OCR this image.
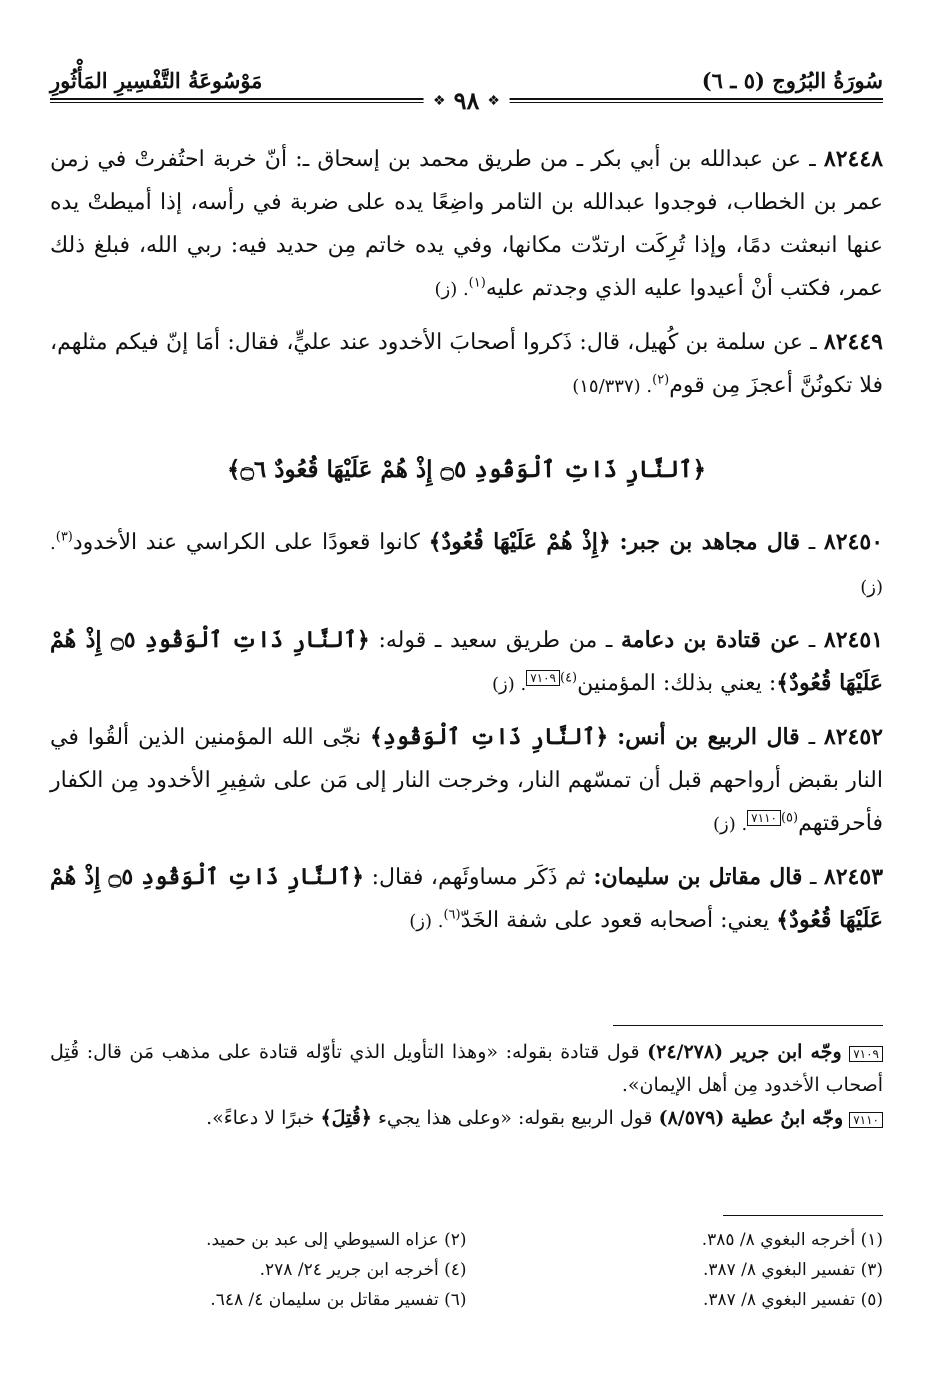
سُورَةُ البُرُوج (٥ ـ ٦)
مَوْسُوعَةُ التَّفْسِيرِ المَأْثُورِ
❖
٩٨
❖

٨٢٤٤٨ ـ عن عبدالله بن أبي بكر ـ من طريق محمد بن إسحاق ـ: أنّ خربة احتُفرتْ في زمن عمر بن الخطاب، فوجدوا عبدالله بن التامر واضِعًا يده على ضربة في رأسه، إذا أميطتْ يده عنها انبعثت دمًا، وإذا تُرِكَت ارتدّت مكانها، وفي يده خاتم مِن حديد فيه: ربي الله، فبلغ ذلك عمر، فكتب أنْ أعيدوا عليه الذي وجدتم عليه$^{(١)}$. (ز)

٨٢٤٤٩ ـ عن سلمة بن كُهيل، قال: ذَكروا أصحابَ الأخدود عند عليٍّ، فقال: أمَا إنّ فيكم مثلهم، فلا تكونُنَّ أعجزَ مِن قوم$^{(٢)}$. (١٥/٣٣٧)

﴿ٱلنَّارِ ذَاتِ ٱلْوَقُودِ ۝٥ إِذْ هُمْ عَلَيْهَا قُعُودٌ ۝٦﴾

٨٢٤٥٠ ـ قال مجاهد بن جبر: ﴿إِذْ هُمْ عَلَيْهَا قُعُودٌ﴾ كانوا قعودًا على الكراسي عند الأخدود$^{(٣)}$. (ز)

٨٢٤٥١ ـ عن قتادة بن دعامة ـ من طريق سعيد ـ قوله: ﴿ٱلنَّارِ ذَاتِ ٱلْوَقُودِ ۝٥ إِذْ هُمْ عَلَيْهَا قُعُودٌ﴾: يعني بذلك: المؤمنين$^{(٤)}$٧١٠٩. (ز)

٨٢٤٥٢ ـ قال الربيع بن أنس: ﴿ٱلنَّارِ ذَاتِ ٱلْوَقُودِ﴾ نجّى الله المؤمنين الذين ألقُوا في النار بقبض أرواحهم قبل أن تمسّهم النار، وخرجت النار إلى مَن على شفِيرِ الأخدود مِن الكفار فأحرقتهم$^{(٥)}$٧١١٠. (ز)

٨٢٤٥٣ ـ قال مقاتل بن سليمان: ثم ذَكَر مساوئَهم، فقال: ﴿ٱلنَّارِ ذَاتِ ٱلْوَقُودِ ۝٥ إِذْ هُمْ عَلَيْهَا قُعُودٌ﴾ يعني: أصحابه قعود على شفة الخَدّ$^{(٦)}$. (ز)

٧١٠٩ وجّه ابن جرير (٢٤/٢٧٨) قول قتادة بقوله: «وهذا التأويل الذي تأوّله قتادة على مذهب مَن قال: قُتِل أصحاب الأخدود مِن أهل الإيمان».

٧١١٠ وجّه ابنُ عطية (٨/٥٧٩) قول الربيع بقوله: «وعلى هذا يجيء ﴿قُتِلَ﴾ خبرًا لا دعاءً».

(١) أخرجه البغوي ٨/ ٣٨٥.
(٢) عزاه السيوطي إلى عبد بن حميد.
(٣) تفسير البغوي ٨/ ٣٨٧.
(٤) أخرجه ابن جرير ٢٤/ ٢٧٨.
(٥) تفسير البغوي ٨/ ٣٨٧.
(٦) تفسير مقاتل بن سليمان ٤/ ٦٤٨.
